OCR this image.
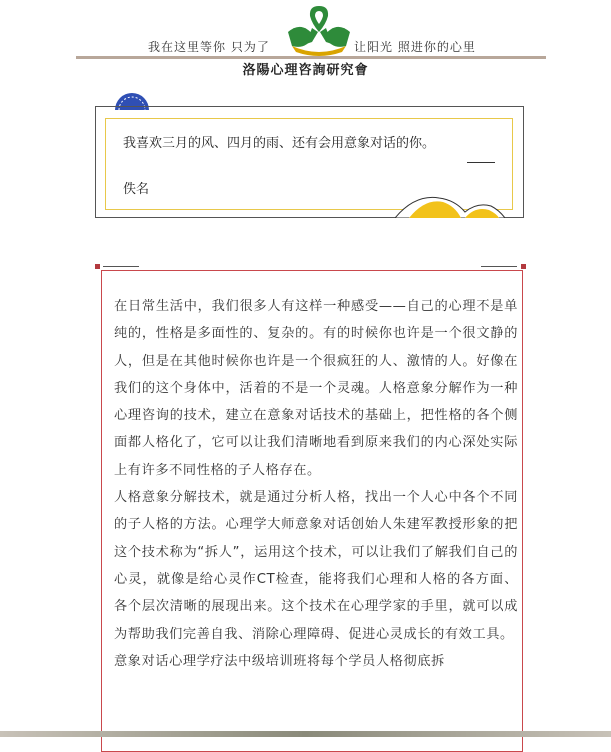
我在这里等你 只为了	让阳光 照进你的心里
洛陽心理咨詢研究會
我喜欢三月的风、四月的雨、还有会用意象对话的你。
佚名

在日常生活中，我们很多人有这样一种感受——自己的心理不是单纯的，性格是多面性的、复杂的。有的时候你也许是一个很文静的人，但是在其他时候你也许是一个很疯狂的人、激情的人。好像在我们的这个身体中，活着的不是一个灵魂。人格意象分解作为一种心理咨询的技术，建立在意象对话技术的基础上，把性格的各个侧面都人格化了，它可以让我们清晰地看到原来我们的内心深处实际上有许多不同性格的子人格存在。

人格意象分解技术，就是通过分析人格，找出一个人心中各个不同的子人格的方法。心理学大师意象对话创始人朱建军教授形象的把这个技术称为“拆人”，运用这个技术，可以让我们了解我们自己的心灵，就像是给心灵作CT检查，能将我们心理和人格的各方面、各个层次清晰的展现出来。这个技术在心理学家的手里，就可以成为帮助我们完善自我、消除心理障碍、促进心灵成长的有效工具。

意象对话心理学疗法中级培训班将每个学员人格彻底拆
